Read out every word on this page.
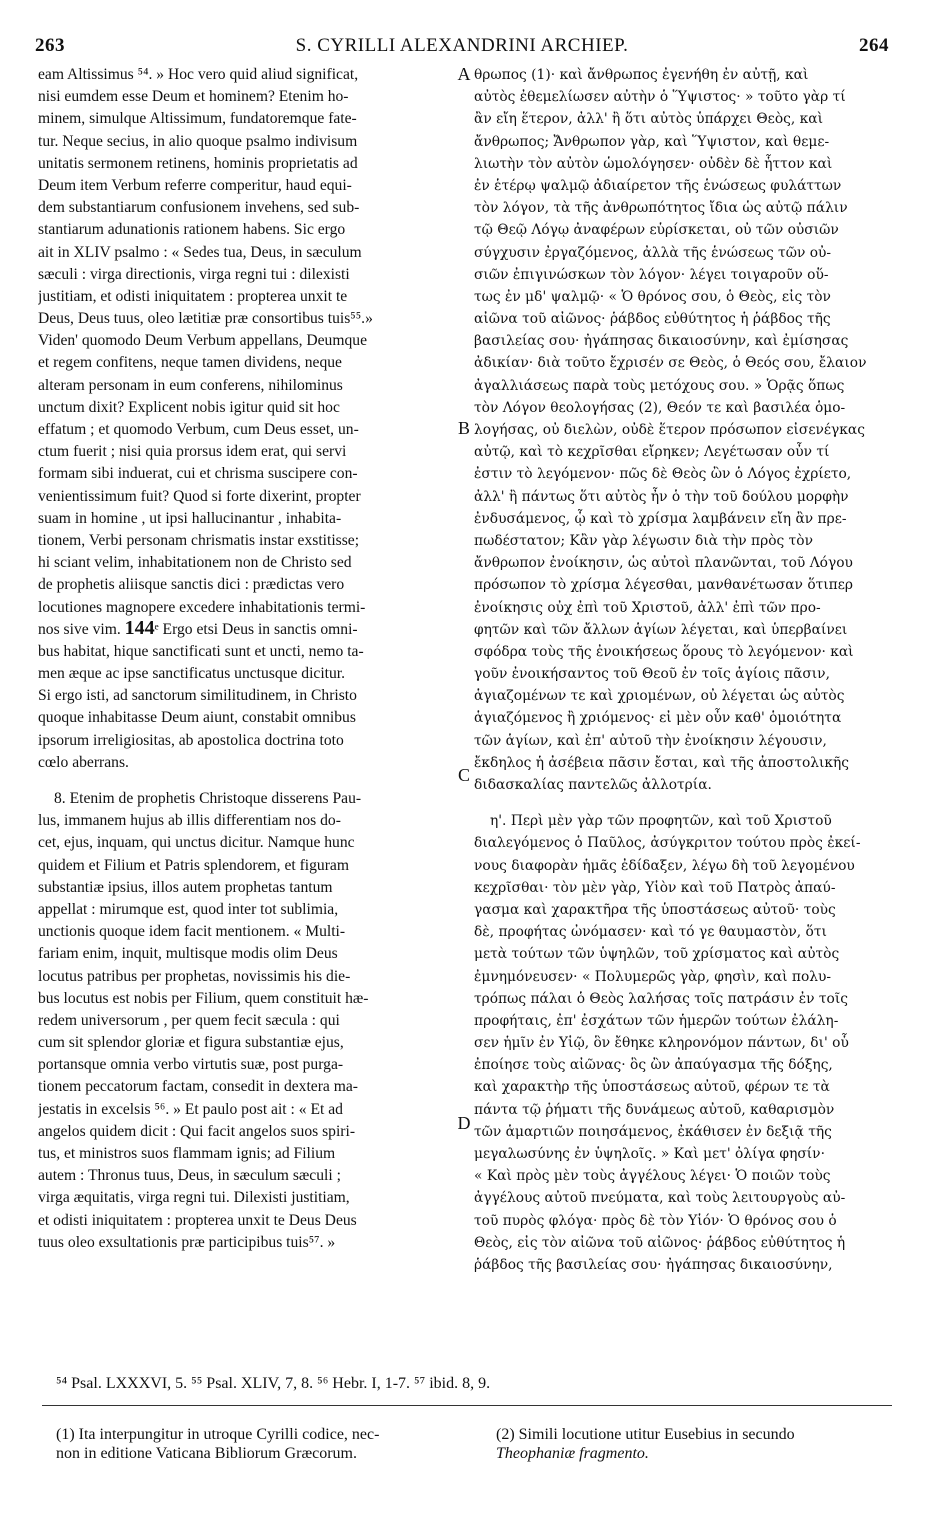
263	S. CYRILLI ALEXANDRINI ARCHIEP.	264
A
B
C
D
eam Altissimus ⁵⁴. » Hoc vero quid aliud significat,
nisi eumdem esse Deum et hominem? Etenim ho-
minem, simulque Altissimum, fundatoremque fate-
tur. Neque secius, in alio quoque psalmo indivisum
unitatis sermonem retinens, hominis proprietatis ad
Deum item Verbum referre comperitur, haud equi-
dem substantiarum confusionem invehens, sed sub-
stantiarum adunationis rationem habens. Sic ergo
ait in XLIV psalmo : « Sedes tua, Deus, in sæculum
sæculi : virga directionis, virga regni tui : dilexisti
justitiam, et odisti iniquitatem : propterea unxit te
Deus, Deus tuus, oleo lætitiæ præ consortibus tuis⁵⁵.»
Viden' quomodo Deum Verbum appellans, Deumque
et regem confitens, neque tamen dividens, neque
alteram personam in eum conferens, nihilominus
unctum dixit? Explicent nobis igitur quid sit hoc
effatum ; et quomodo Verbum, cum Deus esset, un-
ctum fuerit ; nisi quia prorsus idem erat, qui servi
formam sibi induerat, cui et chrisma suscipere con-
venientissimum fuit? Quod si forte dixerint, propter
suam in homine , ut ipsi hallucinantur , inhabita-
tionem, Verbi personam chrismatis instar exstitisse;
hi sciant velim, inhabitationem non de Christo sed
de prophetis aliisque sanctis dici : prædictas vero
locutiones magnopere excedere inhabitationis termi-
nos sive vim. 144ᵉ Ergo etsi Deus in sanctis omni-
bus habitat, hique sanctificati sunt et uncti, nemo ta-
men æque ac ipse sanctificatus unctusque dicitur.
Si ergo isti, ad sanctorum similitudinem, in Christo
quoque inhabitasse Deum aiunt, constabit omnibus
ipsorum irreligiositas, ab apostolica doctrina toto
cœlo aberrans.
8. Etenim de prophetis Christoque disserens Pau-
lus, immanem hujus ab illis differentiam nos do-
cet, ejus, inquam, qui unctus dicitur. Namque hunc
quidem et Filium et Patris splendorem, et figuram
substantiæ ipsius, illos autem prophetas tantum
appellat : mirumque est, quod inter tot sublimia,
unctionis quoque idem facit mentionem. « Multi-
fariam enim, inquit, multisque modis olim Deus
locutus patribus per prophetas, novissimis his die-
bus locutus est nobis per Filium, quem constituit hæ-
redem universorum , per quem fecit sæcula : qui
cum sit splendor gloriæ et figura substantiæ ejus,
portansque omnia verbo virtutis suæ, post purga-
tionem peccatorum factam, consedit in dextera ma-
jestatis in excelsis ⁵⁶. » Et paulo post ait : « Et ad
angelos quidem dicit : Qui facit angelos suos spiri-
tus, et ministros suos flammam ignis; ad Filium
autem : Thronus tuus, Deus, in sæculum sæculi ;
virga æquitatis, virga regni tui. Dilexisti justitiam,
et odisti iniquitatem : propterea unxit te Deus Deus
tuus oleo exsultationis præ participibus tuis⁵⁷. »
θρωπος (1)· καὶ ἄνθρωπος ἐγενήθη ἐν αὐτῇ, καὶ
αὐτὸς ἐθεμελίωσεν αὐτὴν ὁ Ὕψιστος· » τοῦτο γὰρ τί
ἂν εἴη ἕτερον, ἀλλ' ἢ ὅτι αὐτὸς ὑπάρχει Θεὸς, καὶ
ἄνθρωπος; Ἄνθρωπον γὰρ, καὶ Ὕψιστον, καὶ θεμε-
λιωτὴν τὸν αὐτὸν ὡμολόγησεν· οὐδὲν δὲ ἧττον καὶ
ἐν ἑτέρῳ ψαλμῷ ἀδιαίρετον τῆς ἑνώσεως φυλάττων
τὸν λόγον, τὰ τῆς ἀνθρωπότητος ἴδια ὡς αὐτῷ πάλιν
τῷ Θεῷ Λόγῳ ἀναφέρων εὑρίσκεται, οὐ τῶν οὐσιῶν
σύγχυσιν ἐργαζόμενος, ἀλλὰ τῆς ἑνώσεως τῶν οὐ-
σιῶν ἐπιγινώσκων τὸν λόγον· λέγει τοιγαροῦν οὕ-
τως ἐν μδ' ψαλμῷ· « Ὁ θρόνος σου, ὁ Θεὸς, εἰς τὸν
αἰῶνα τοῦ αἰῶνος· ῥάβδος εὐθύτητος ἡ ῥάβδος τῆς
βασιλείας σου· ἠγάπησας δικαιοσύνην, καὶ ἐμίσησας
ἀδικίαν· διὰ τοῦτο ἔχρισέν σε Θεὸς, ὁ Θεός σου, ἔλαιον
ἀγαλλιάσεως παρὰ τοὺς μετόχους σου. » Ὁρᾷς ὅπως
τὸν Λόγον θεολογήσας (2), Θεόν τε καὶ βασιλέα ὁμο-
λογήσας, οὐ διελὼν, οὐδὲ ἕτερον πρόσωπον εἰσενέγκας
αὐτῷ, καὶ τὸ κεχρῖσθαι εἴρηκεν; Λεγέτωσαν οὖν τί
ἐστιν τὸ λεγόμενον· πῶς δὲ Θεὸς ὢν ὁ Λόγος ἐχρίετο,
ἀλλ' ἢ πάντως ὅτι αὐτὸς ἦν ὁ τὴν τοῦ δούλου μορφὴν
ἐνδυσάμενος, ᾧ καὶ τὸ χρίσμα λαμβάνειν εἴη ἂν πρε-
πωδέστατον; Κἂν γὰρ λέγωσιν διὰ τὴν πρὸς τὸν
ἄνθρωπον ἐνοίκησιν, ὡς αὐτοὶ πλανῶνται, τοῦ Λόγου
πρόσωπον τὸ χρίσμα λέγεσθαι, μανθανέτωσαν ὅτιπερ
ἐνοίκησις οὐχ ἐπὶ τοῦ Χριστοῦ, ἀλλ' ἐπὶ τῶν προ-
φητῶν καὶ τῶν ἄλλων ἁγίων λέγεται, καὶ ὑπερβαίνει
σφόδρα τοὺς τῆς ἐνοικήσεως ὅρους τὸ λεγόμενον· καὶ
γοῦν ἐνοικήσαντος τοῦ Θεοῦ ἐν τοῖς ἁγίοις πᾶσιν,
ἁγιαζομένων τε καὶ χριομένων, οὐ λέγεται ὡς αὐτὸς
ἁγιαζόμενος ἢ χριόμενος· εἰ μὲν οὖν καθ' ὁμοιότητα
τῶν ἁγίων, καὶ ἐπ' αὐτοῦ τὴν ἐνοίκησιν λέγουσιν,
ἔκδηλος ἡ ἀσέβεια πᾶσιν ἔσται, καὶ τῆς ἀποστολικῆς
διδασκαλίας παντελῶς ἀλλοτρία.
η'. Περὶ μὲν γὰρ τῶν προφητῶν, καὶ τοῦ Χριστοῦ
διαλεγόμενος ὁ Παῦλος, ἀσύγκριτον τούτου πρὸς ἐκεί-
νους διαφορὰν ἡμᾶς ἐδίδαξεν, λέγω δὴ τοῦ λεγομένου
κεχρῖσθαι· τὸν μὲν γὰρ, Υἱὸν καὶ τοῦ Πατρὸς ἀπαύ-
γασμα καὶ χαρακτῆρα τῆς ὑποστάσεως αὐτοῦ· τοὺς
δὲ, προφήτας ὠνόμασεν· καὶ τό γε θαυμαστὸν, ὅτι
μετὰ τούτων τῶν ὑψηλῶν, τοῦ χρίσματος καὶ αὐτὸς
ἐμνημόνευσεν· « Πολυμερῶς γὰρ, φησὶν, καὶ πολυ-
τρόπως πάλαι ὁ Θεὸς λαλήσας τοῖς πατράσιν ἐν τοῖς
προφήταις, ἐπ' ἐσχάτων τῶν ἡμερῶν τούτων ἐλάλη-
σεν ἡμῖν ἐν Υἱῷ, ὃν ἔθηκε κληρονόμον πάντων, δι' οὗ
ἐποίησε τοὺς αἰῶνας· ὃς ὢν ἀπαύγασμα τῆς δόξης,
καὶ χαρακτὴρ τῆς ὑποστάσεως αὐτοῦ, φέρων τε τὰ
πάντα τῷ ῥήματι τῆς δυνάμεως αὐτοῦ, καθαρισμὸν
τῶν ἁμαρτιῶν ποιησάμενος, ἐκάθισεν ἐν δεξιᾷ τῆς
μεγαλωσύνης ἐν ὑψηλοῖς. » Καὶ μετ' ὀλίγα φησίν·
« Καὶ πρὸς μὲν τοὺς ἀγγέλους λέγει· Ὁ ποιῶν τοὺς
ἀγγέλους αὐτοῦ πνεύματα, καὶ τοὺς λειτουργοὺς αὐ-
τοῦ πυρὸς φλόγα· πρὸς δὲ τὸν Υἱόν· Ὁ θρόνος σου ὁ
Θεὸς, εἰς τὸν αἰῶνα τοῦ αἰῶνος· ῥάβδος εὐθύτητος ἡ
ῥάβδος τῆς βασιλείας σου· ἠγάπησας δικαιοσύνην,
⁵⁴ Psal. LXXXVI, 5. ⁵⁵ Psal. XLIV, 7, 8. ⁵⁶ Hebr. I, 1-7. ⁵⁷ ibid. 8, 9.
(1) Ita interpungitur in utroque Cyrilli codice, nec-
non in editione Vaticana Bibliorum Græcorum.
(2) Simili locutione utitur Eusebius in secundo
Theophaniæ fragmento.
